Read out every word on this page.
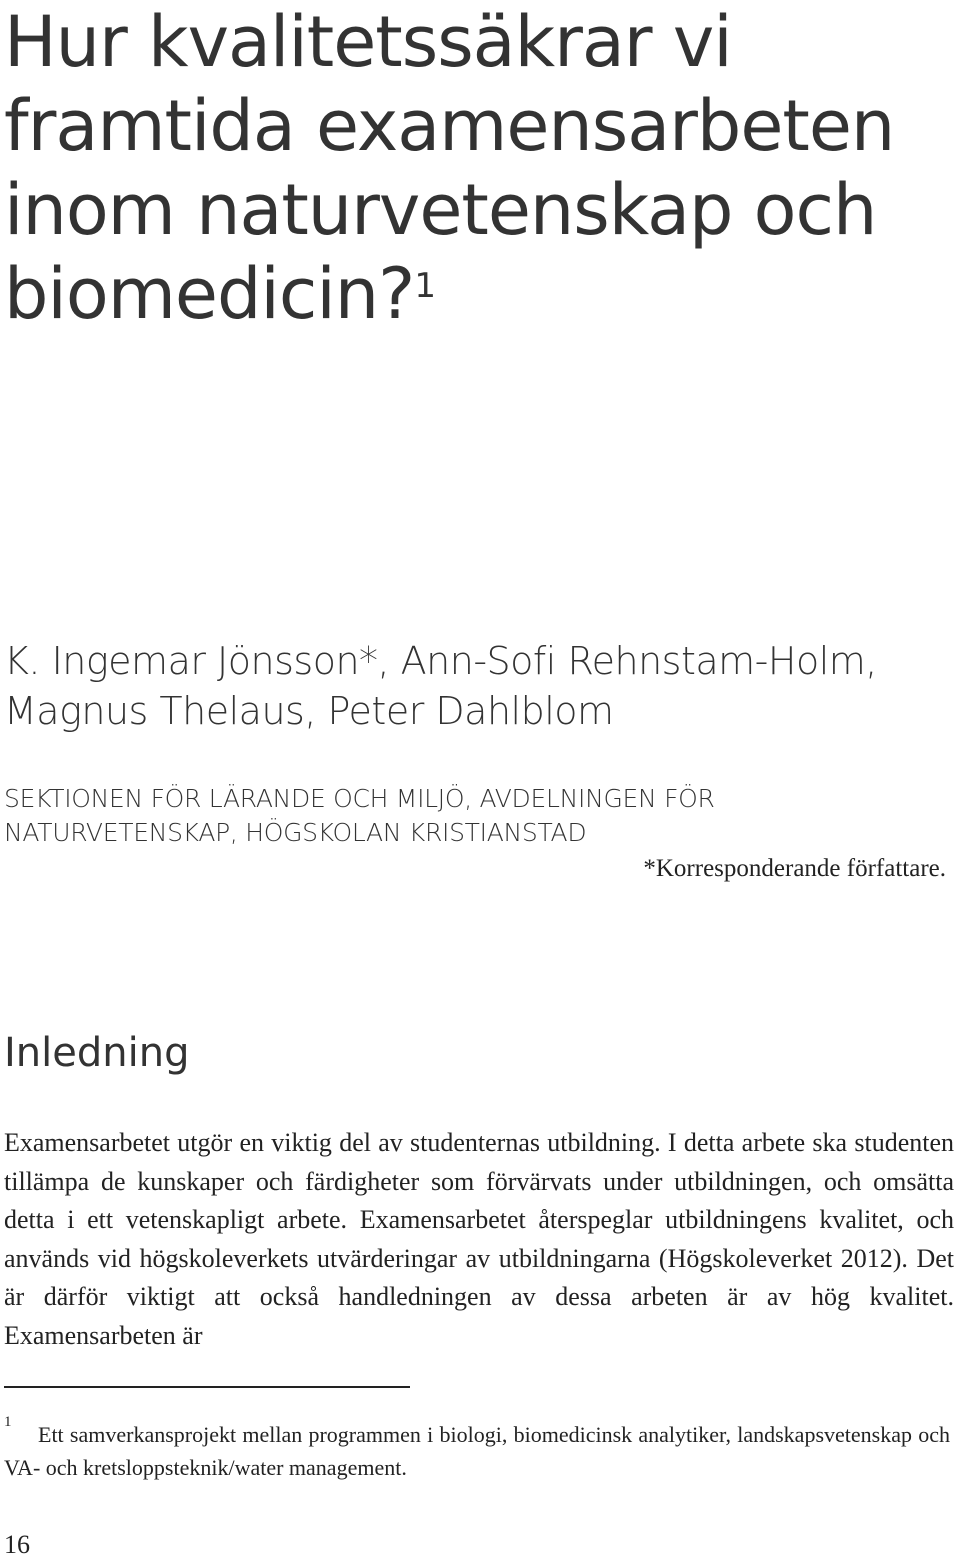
Hur kvalitetssäkrar vi framtida examensarbeten inom naturvetenskap och biomedicin?$^1$
K. Ingemar Jönsson*, Ann-Sofi Rehnstam-Holm, Magnus Thelaus, Peter Dahlblom
SEKTIONEN FÖR LÄRANDE OCH MILJÖ, AVDELNINGEN FÖR NATURVETENSKAP, HÖGSKOLAN KRISTIANSTAD
*Korresponderande författare.
Inledning

Examensarbetet utgör en viktig del av studenternas utbildning. I detta arbete ska studenten tillämpa de kunskaper och färdigheter som förvärvats under utbildningen, och omsätta detta i ett vetenskapligt arbete. Examensarbetet återspeglar utbildningens kvalitet, och används vid högskoleverkets utvärderingar av utbildningarna (Högskoleverket 2012). Det är därför viktigt att också handledningen av dessa arbeten är av hög kvalitet. Examensarbeten är

1	Ett samverkansprojekt mellan programmen i biologi, biomedicinsk analytiker, landskapsvetenskap och VA- och kretsloppsteknik/water management.

16
